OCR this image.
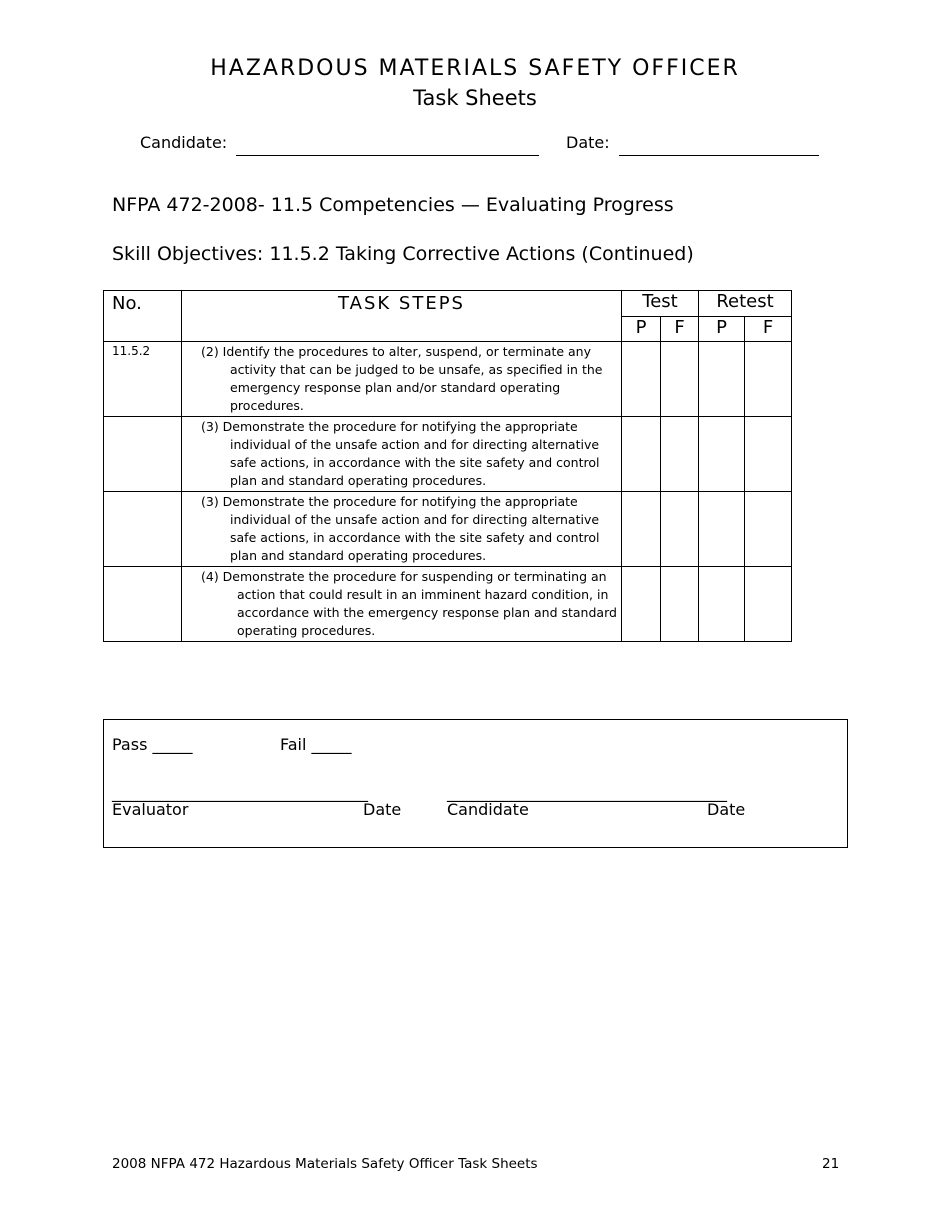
HAZARDOUS MATERIALS SAFETY OFFICER
Task Sheets
Candidate:	Date:
NFPA 472-2008- 11.5 Competencies — Evaluating Progress
Skill Objectives: 11.5.2 Taking Corrective Actions (Continued)
No.	TASK STEPS	Test		Retest	
		P	F	P	F
11.5.2	(2) Identify the procedures to alter, suspend, or terminate any activity that can be judged to be unsafe, as specified in the emergency response plan and/or standard operating procedures.				
	(3) Demonstrate the procedure for notifying the appropriate individual of the unsafe action and for directing alternative safe actions, in accordance with the site safety and control plan and standard operating procedures.				
	(3) Demonstrate the procedure for notifying the appropriate individual of the unsafe action and for directing alternative safe actions, in accordance with the site safety and control plan and standard operating procedures.				
	(4) Demonstrate the procedure for suspending or terminating an action that could result in an imminent hazard condition, in accordance with the emergency response plan and standard operating procedures.				
Pass _____	Fail _____
________________________________	___________________________________
Evaluator	Date	Candidate	Date
2008 NFPA 472 Hazardous Materials Safety Officer Task Sheets	21
